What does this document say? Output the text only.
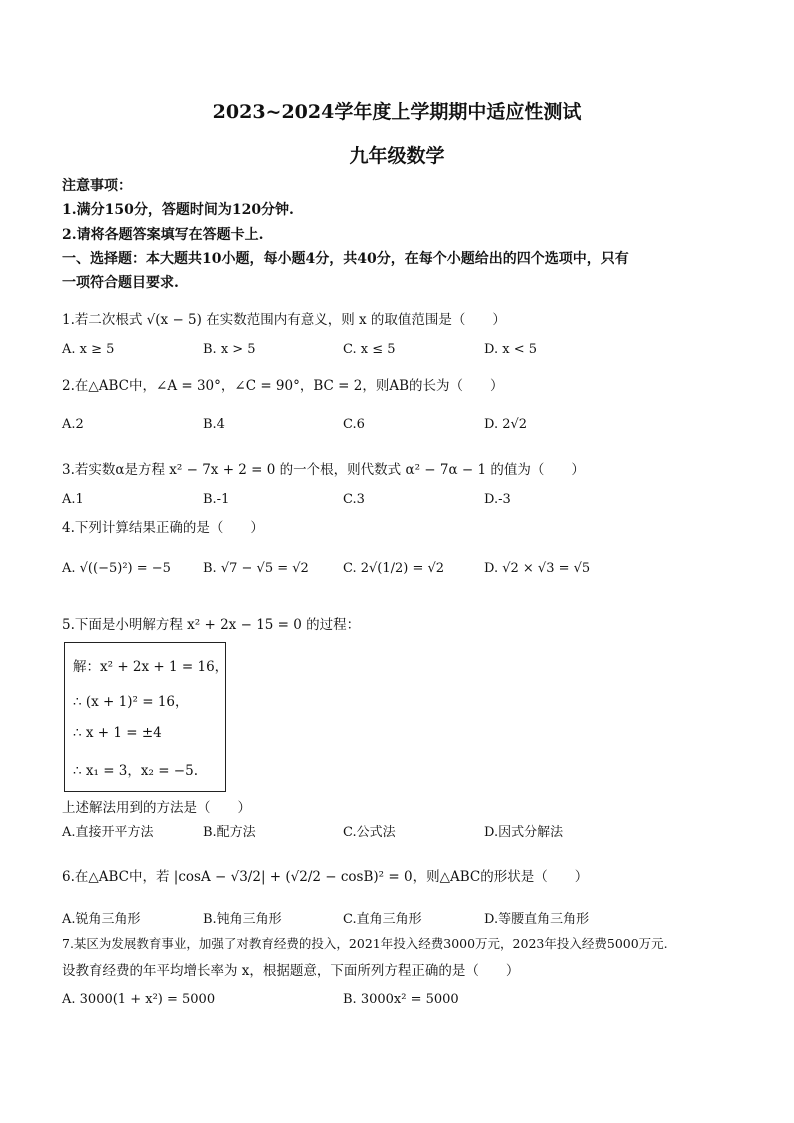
2023~2024学年度上学期期中适应性测试
九年级数学
注意事项：
1.满分150分，答题时间为120分钟.
2.请将各题答案填写在答题卡上.
一、选择题：本大题共10小题，每小题4分，共40分，在每个小题给出的四个选项中，只有
一项符合题目要求.
1.若二次根式 √(x − 5) 在实数范围内有意义，则 x 的取值范围是（　　）
A. x ≥ 5	B. x > 5	C. x ≤ 5	D. x < 5
2.在△ABC中，∠A = 30°，∠C = 90°，BC = 2，则AB的长为（　　）
A.2	B.4	C.6	D. 2√2
3.若实数α是方程 x² − 7x + 2 = 0 的一个根，则代数式 α² − 7α − 1 的值为（　　）
A.1	B.-1	C.3	D.-3
4.下列计算结果正确的是（　　）
A. √((−5)²) = −5 B. √7 − √5 = √2	C. 2√(1/2) = √2	D. √2 × √3 = √5
5.下面是小明解方程 x² + 2x − 15 = 0 的过程：
解：x² + 2x + 1 = 16，
∴ (x + 1)² = 16，
∴ x + 1 = ±4
∴ x₁ = 3，x₂ = −5.
上述解法用到的方法是（　　）
A.直接开平方法	B.配方法	C.公式法	D.因式分解法
6.在△ABC中，若 |cosA − √3/2| + (√2/2 − cosB)² = 0，则△ABC的形状是（　　）
A.锐角三角形	B.钝角三角形	C.直角三角形	D.等腰直角三角形
7.某区为发展教育事业，加强了对教育经费的投入，2021年投入经费3000万元，2023年投入经费5000万元.
设教育经费的年平均增长率为 x，根据题意，下面所列方程正确的是（　　）
A. 3000(1 + x²) = 5000	B. 3000x² = 5000
